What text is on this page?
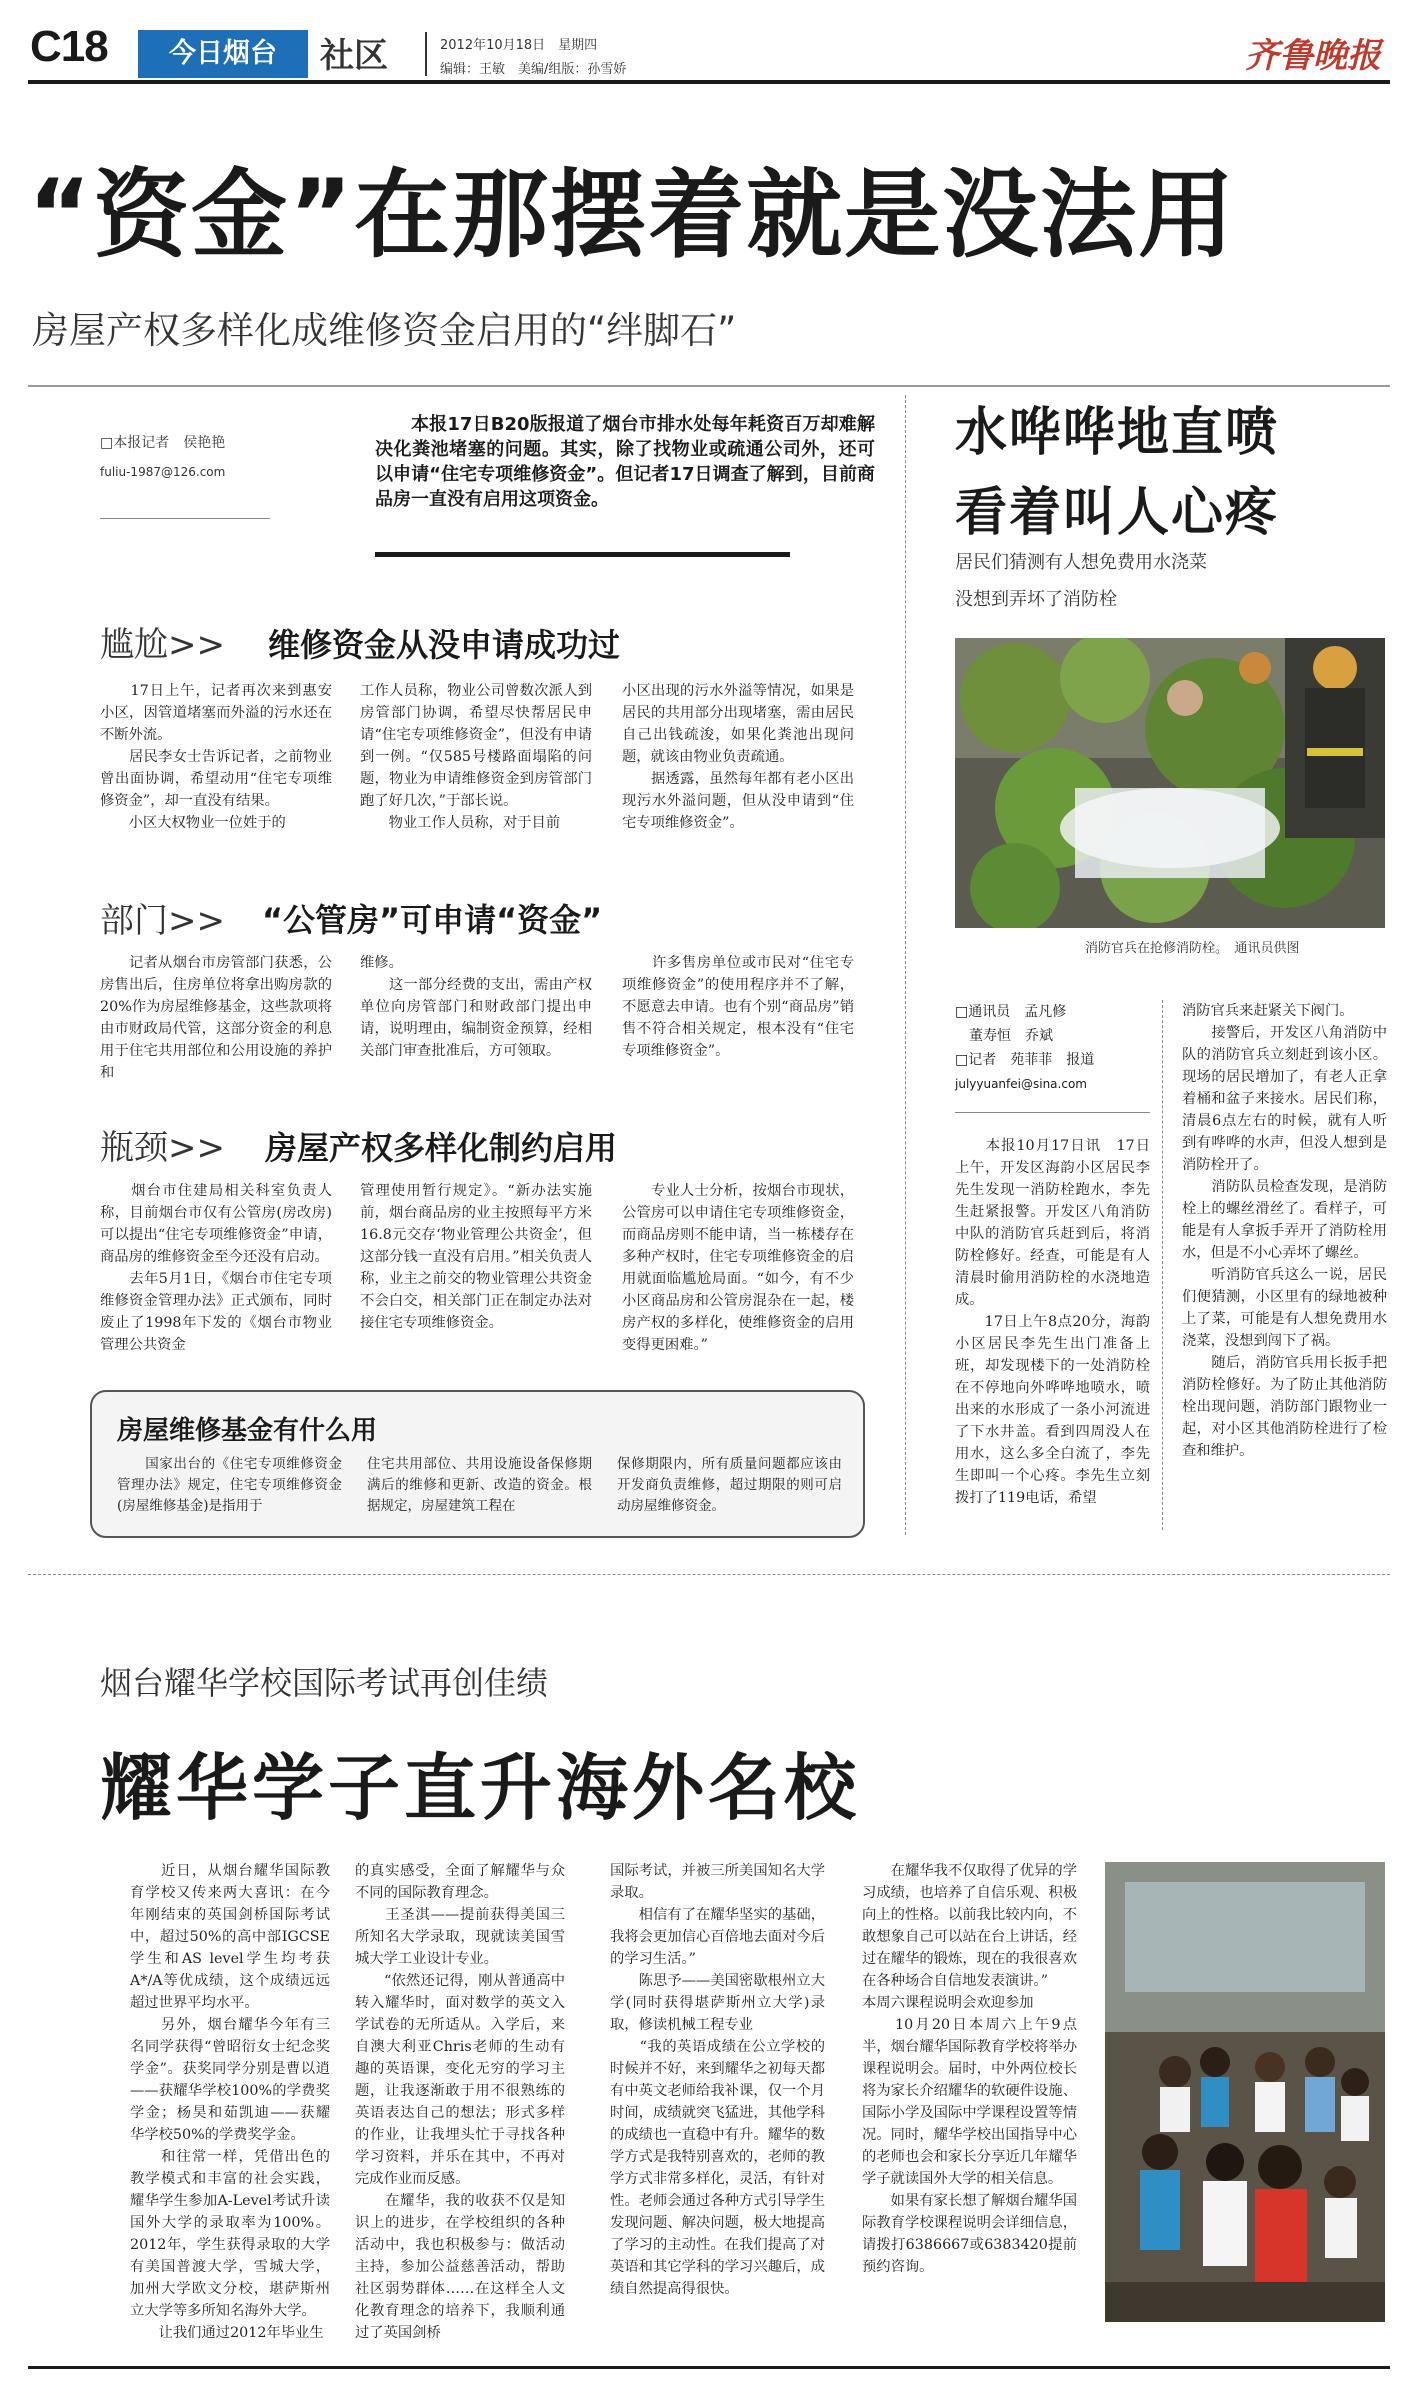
C18	今日烟台	社区	2012年10月18日　星期四
编辑：王敏　美编/组版：孙雪娇	齐鲁晚报
“资金”在那摆着就是没法用
房屋产权多样化成维修资金启用的“绊脚石”
□本报记者　侯艳艳
fuliu-1987@126.com
本报17日B20版报道了烟台市排水处每年耗资百万却难解决化粪池堵塞的问题。其实，除了找物业或疏通公司外，还可以申请“住宅专项维修资金”。但记者17日调查了解到，目前商品房一直没有启用这项资金。
尴尬>> 维修资金从没申请成功过
　　17日上午，记者再次来到惠安小区，因管道堵塞而外溢的污水还在不断外流。
　　居民李女士告诉记者，之前物业曾出面协调，希望动用“住宅专项维修资金”，却一直没有结果。
　　小区大权物业一位姓于的
工作人员称，物业公司曾数次派人到房管部门协调，希望尽快帮居民申请“住宅专项维修资金”，但没有申请到一例。“仅585号楼路面塌陷的问题，物业为申请维修资金到房管部门跑了好几次，”于部长说。
　　物业工作人员称，对于目前
小区出现的污水外溢等情况，如果是居民的共用部分出现堵塞，需由居民自己出钱疏浚，如果化粪池出现问题，就该由物业负责疏通。
　　据透露，虽然每年都有老小区出现污水外溢问题，但从没申请到“住宅专项维修资金”。
部门>> “公管房”可申请“资金”
　　记者从烟台市房管部门获悉，公房售出后，住房单位将拿出购房款的20%作为房屋维修基金，这些款项将由市财政局代管，这部分资金的利息用于住宅共用部位和公用设施的养护和
维修。
　　这一部分经费的支出，需由产权单位向房管部门和财政部门提出申请，说明理由，编制资金预算，经相关部门审查批准后，方可领取。
　　许多售房单位或市民对“住宅专项维修资金”的使用程序并不了解，不愿意去申请。也有个别“商品房”销售不符合相关规定，根本没有“住宅专项维修资金”。
瓶颈>> 房屋产权多样化制约启用
　　烟台市住建局相关科室负责人称，目前烟台市仅有公管房(房改房)可以提出“住宅专项维修资金”申请，商品房的维修资金至今还没有启动。
　　去年5月1日，《烟台市住宅专项维修资金管理办法》正式颁布，同时废止了1998年下发的《烟台市物业管理公共资金
管理使用暂行规定》。“新办法实施前，烟台商品房的业主按照每平方米16.8元交存‘物业管理公共资金’，但这部分钱一直没有启用。”相关负责人称，业主之前交的物业管理公共资金不会白交，相关部门正在制定办法对接住宅专项维修资金。
　　专业人士分析，按烟台市现状，公管房可以申请住宅专项维修资金，而商品房则不能申请，当一栋楼存在多种产权时，住宅专项维修资金的启用就面临尴尬局面。“如今，有不少小区商品房和公管房混杂在一起，楼房产权的多样化，使维修资金的启用变得更困难。”
房屋维修基金有什么用
　　国家出台的《住宅专项维修资金管理办法》规定，住宅专项维修资金(房屋维修基金)是指用于
住宅共用部位、共用设施设备保修期满后的维修和更新、改造的资金。根据规定，房屋建筑工程在
保修期限内，所有质量问题都应该由开发商负责维修，超过期限的则可启动房屋维修资金。
水哗哗地直喷
看着叫人心疼
居民们猜测有人想免费用水浇菜
没想到弄坏了消防栓
消防官兵在抢修消防栓。　通讯员供图
□通讯员　孟凡修
　董寿恒　乔斌
□记者　苑菲菲　报道
julyyuanfei@sina.com
　　本报10月17日讯　17日上午，开发区海韵小区居民李先生发现一消防栓跑水，李先生赶紧报警。开发区八角消防中队的消防官兵赶到后，将消防栓修好。经查，可能是有人清晨时偷用消防栓的水浇地造成。
　　17日上午8点20分，海韵小区居民李先生出门准备上班，却发现楼下的一处消防栓在不停地向外哗哗地喷水，喷出来的水形成了一条小河流进了下水井盖。看到四周没人在用水，这么多全白流了，李先生即叫一个心疼。李先生立刻拨打了119电话，希望
消防官兵来赶紧关下阀门。
　　接警后，开发区八角消防中队的消防官兵立刻赶到该小区。现场的居民增加了，有老人正拿着桶和盆子来接水。居民们称，清晨6点左右的时候，就有人听到有哗哗的水声，但没人想到是消防栓开了。
　　消防队员检查发现，是消防栓上的螺丝滑丝了。看样子，可能是有人拿扳手弄开了消防栓用水，但是不小心弄坏了螺丝。
　　听消防官兵这么一说，居民们便猜测，小区里有的绿地被种上了菜，可能是有人想免费用水浇菜，没想到闯下了祸。
　　随后，消防官兵用长扳手把消防栓修好。为了防止其他消防栓出现问题，消防部门跟物业一起，对小区其他消防栓进行了检查和维护。
烟台耀华学校国际考试再创佳绩
耀华学子直升海外名校
　　近日，从烟台耀华国际教育学校又传来两大喜讯：在今年刚结束的英国剑桥国际考试中，超过50%的高中部IGCSE学生和AS level学生均考获A*/A等优成绩，这个成绩远远超过世界平均水平。
　　另外，烟台耀华今年有三名同学获得“曾昭衍女士纪念奖学金”。获奖同学分别是曹以逍——获耀华学校100%的学费奖学金；杨昊和茹凯迪——获耀华学校50%的学费奖学金。
　　和往常一样，凭借出色的教学模式和丰富的社会实践，耀华学生参加A-Level考试升读国外大学的录取率为100%。2012年，学生获得录取的大学有美国普渡大学，雪城大学，加州大学欧文分校，堪萨斯州立大学等多所知名海外大学。
　　让我们通过2012年毕业生
的真实感受，全面了解耀华与众不同的国际教育理念。
　　王圣淇——提前获得美国三所知名大学录取，现就读美国雪城大学工业设计专业。
　　“依然还记得，刚从普通高中转入耀华时，面对数学的英文入学试卷的无所适从。入学后，来自澳大利亚Chris老师的生动有趣的英语课，变化无穷的学习主题，让我逐渐敢于用不很熟练的英语表达自己的想法；形式多样的作业，让我埋头忙于寻找各种学习资料，并乐在其中，不再对完成作业而反感。
　　在耀华，我的收获不仅是知识上的进步，在学校组织的各种活动中，我也积极参与：做活动主持，参加公益慈善活动，帮助社区弱势群体……在这样全人文化教育理念的培养下，我顺利通过了英国剑桥
国际考试，并被三所美国知名大学录取。
　　相信有了在耀华坚实的基础，我将会更加信心百倍地去面对今后的学习生活。”
　　陈思予——美国密歇根州立大学(同时获得堪萨斯州立大学)录取，修读机械工程专业
　　“我的英语成绩在公立学校的时候并不好，来到耀华之初每天都有中英文老师给我补课，仅一个月时间，成绩就突飞猛进，其他学科的成绩也一直稳中有升。耀华的数学方式是我特别喜欢的，老师的教学方式非常多样化，灵活，有针对性。老师会通过各种方式引导学生发现问题、解决问题，极大地提高了学习的主动性。在我们提高了对英语和其它学科的学习兴趣后，成绩自然提高得很快。
　　在耀华我不仅取得了优异的学习成绩，也培养了自信乐观、积极向上的性格。以前我比较内向，不敢想象自己可以站在台上讲话，经过在耀华的锻炼，现在的我很喜欢在各种场合自信地发表演讲。”
本周六课程说明会欢迎参加
　　10月20日本周六上午9点半，烟台耀华国际教育学校将举办课程说明会。届时，中外两位校长将为家长介绍耀华的软硬件设施、国际小学及国际中学课程设置等情况。同时，耀华学校出国指导中心的老师也会和家长分享近几年耀华学子就读国外大学的相关信息。
　　如果有家长想了解烟台耀华国际教育学校课程说明会详细信息，请拨打6386667或6383420提前预约咨询。
